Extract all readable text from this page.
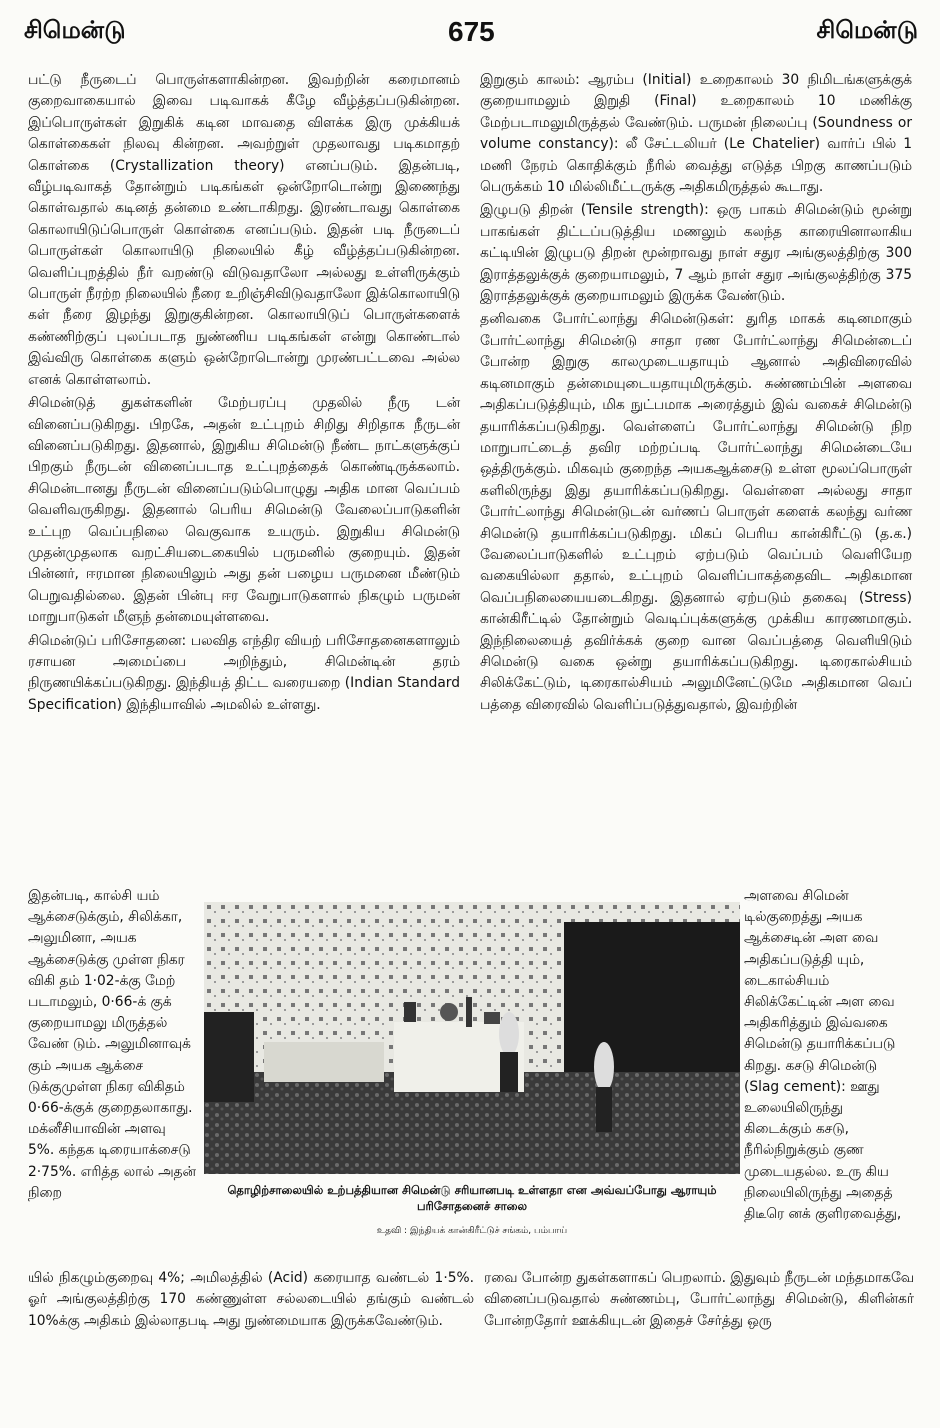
சிமென்டு	675	சிமென்டு

பட்டு நீருடைப் பொருள்களாகின்றன. இவற்றின் கரைமானம் குறைவாகையால் இவை படிவாகக் கீழே வீழ்த்தப்படுகின்றன. இப்பொருள்கள் இறுகிக் கடின மாவதை விளக்க இரு முக்கியக் கொள்கைகள் நிலவு கின்றன. அவற்றுள் முதலாவது படிகமாதற் கொள்கை (Crystallization theory) எனப்படும். இதன்படி, வீழ்படிவாகத் தோன்றும் படிகங்கள் ஒன்றோடொன்று இணைந்து கொள்வதால் கடினத் தன்மை உண்டாகிறது. இரண்டாவது கொள்கை கொலாயிடுப்பொருள் கொள்கை எனப்படும். இதன் படி நீருடைப் பொருள்கள் கொலாயிடு நிலையில் கீழ் வீழ்த்தப்படுகின்றன. வெளிப்புறத்தில் நீர் வறண்டு விடுவதாலோ அல்லது உள்ளிருக்கும் பொருள் நீரற்ற நிலையில் நீரை உறிஞ்சிவிடுவதாலோ இக்கொலாயிடு கள் நீரை இழந்து இறுகுகின்றன. கொலாயிடுப் பொருள்களைக் கண்ணிற்குப் புலப்படாத நுண்ணிய படிகங்கள் என்று கொண்டால் இவ்விரு கொள்கை களும் ஒன்றோடொன்று முரண்பட்டவை அல்ல எனக் கொள்ளலாம்.

சிமென்டுத் துகள்களின் மேற்பரப்பு முதலில் நீரு டன் வினைப்படுகிறது. பிறகே, அதன் உட்புறம் சிறிது சிறிதாக நீருடன் வினைப்படுகிறது. இதனால், இறுகிய சிமென்டு நீண்ட நாட்களுக்குப் பிறகும் நீருடன் வினைப்படாத உட்புறத்தைக் கொண்டிருக்கலாம். சிமென்டானது நீருடன் வினைப்படும்பொழுது அதிக மான வெப்பம் வெளிவருகிறது. இதனால் பெரிய சிமென்டு வேலைப்பாடுகளின் உட்புற வெப்பநிலை வெகுவாக உயரும். இறுகிய சிமென்டு முதன்முதலாக வறட்சியடைகையில் பருமனில் குறையும். இதன் பின்னர், ஈரமான நிலையிலும் அது தன் பழைய பருமனை மீண்டும் பெறுவதில்லை. இதன் பின்பு ஈர வேறுபாடுகளால் நிகழும் பருமன் மாறுபாடுகள் மீளுந் தன்மையுள்ளவை.

சிமென்டுப் பரிசோதனை: பலவித எந்திர வியற் பரிசோதனைகளாலும் ரசாயன அமைப்பை அறிந்தும், சிமென்டின் தரம் நிருணயிக்கப்படுகிறது. இந்தியத் திட்ட வரையறை (Indian Standard Specification) இந்தியாவில் அமலில் உள்ளது.

இறுகும் காலம்: ஆரம்ப (Initial) உறைகாலம் 30 நிமிடங்களுக்குக் குறையாமலும் இறுதி (Final) உறைகாலம் 10 மணிக்கு மேற்படாமலுமிருத்தல் வேண்டும். பருமன் நிலைப்பு (Soundness or volume constancy): லீ சேட்டலியர் (Le Chatelier) வார்ப் பில் 1 மணி நேரம் கொதிக்கும் நீரில் வைத்து எடுத்த பிறகு காணப்படும் பெருக்கம் 10 மில்லிமீட்டருக்கு அதிகமிருத்தல் கூடாது.

இழுபடு திறன் (Tensile strength): ஒரு பாகம் சிமென்டும் மூன்று பாகங்கள் திட்டப்படுத்திய மணலும் கலந்த காரையினாலாகிய கட்டியின் இழுபடு திறன் மூன்றாவது நாள் சதுர அங்குலத்திற்கு 300 இராத்தலுக்குக் குறையாமலும், 7 ஆம் நாள் சதுர அங்குலத்திற்கு 375 இராத்தலுக்குக் குறையாமலும் இருக்க வேண்டும்.

தனிவகை போர்ட்லாந்து சிமென்டுகள்: துரித மாகக் கடினமாகும் போர்ட்லாந்து சிமென்டு சாதா ரண போர்ட்லாந்து சிமென்டைப் போன்ற இறுகு காலமுடையதாயும் ஆனால் அதிவிரைவில் கடினமாகும் தன்மையுடையதாயுமிருக்கும். சுண்ணம்பின் அளவை அதிகப்படுத்தியும், மிக நுட்பமாக அரைத்தும் இவ் வகைச் சிமென்டு தயாரிக்கப்படுகிறது. வெள்ளைப் போர்ட்லாந்து சிமென்டு நிற மாறுபாட்டைத் தவிர மற்றப்படி போர்ட்லாந்து சிமென்டையே ஒத்திருக்கும். மிகவும் குறைந்த அயகஆக்சைடு உள்ள மூலப்பொருள் களிலிருந்து இது தயாரிக்கப்படுகிறது. வெள்ளை அல்லது சாதா போர்ட்லாந்து சிமென்டுடன் வர்ணப் பொருள் களைக் கலந்து வர்ண சிமென்டு தயாரிக்கப்படுகிறது. மிகப் பெரிய கான்கிரீட்டு (த.க.) வேலைப்பாடுகளில் உட்புறம் ஏற்படும் வெப்பம் வெளியேற வகையில்லா ததால், உட்புறம் வெளிப்பாகத்தைவிட அதிகமான வெப்பநிலையையடைகிறது. இதனால் ஏற்படும் தகைவு (Stress) கான்கிரீட்டில் தோன்றும் வெடிப்புக்களுக்கு முக்கிய காரணமாகும். இந்நிலையைத் தவிர்க்கக் குறை வான வெப்பத்தை வெளியிடும் சிமென்டு வகை ஒன்று தயாரிக்கப்படுகிறது. டிரைகால்சியம் சிலிக்கேட்டும், டிரைகால்சியம் அலுமினேட்டுமே அதிகமான வெப் பத்தை விரைவில் வெளிப்படுத்துவதால், இவற்றின்

இதன்படி, கால்சி யம் ஆக்சைடுக்கும், சிலிக்கா, அலுமினா, அயக ஆக்சைடுக்கு முள்ள நிகர விகி தம் 1·02-க்கு மேற் படாமலும், 0·66-க் குக் குறையாமலு மிருத்தல் வேண் டும். அலுமினாவுக் கும் அயக ஆக்சை டுக்குமுள்ள நிகர விகிதம் 0·66-க்குக் குறைதலாகாது. மக்னீசியாவின் அளவு 5%. கந்தக டிரையாக்சைடு 2·75%. எரித்த லால் அதன் நிறை
அளவை சிமென் டில்குறைத்து அயக ஆக்சைடின் அள வை அதிகப்படுத்தி யும், டைகால்சியம் சிலிக்கேட்டின் அள வை அதிகரித்தும் இவ்வகை சிமென்டு தயாரிக்கப்படு கிறது. கசடு சிமென்டு (Slag cement): ஊது உலையிலிருந்து கிடைக்கும் கசடு, நீரில்நிறுக்கும் குண முடையதல்ல. உரு கிய நிலையிலிருந்து அதைத் திடீரெ னக் குளிரவைத்து,
தொழிற்சாலையில் உற்பத்தியான சிமென்டு சரியானபடி உள்ளதா என அவ்வப்போது ஆராயும் பரிசோதனைச் சாலை
உதவி : இந்தியக் கான்கிரீட்டுச் சங்கம், பம்பாய்
யில் நிகழும்குறைவு 4%; அமிலத்தில் (Acid) கரையாத வண்டல் 1·5%. ஓர் அங்குலத்திற்கு 170 கண்ணுள்ள சல்லடையில் தங்கும் வண்டல் 10%க்கு அதிகம் இல்லாதபடி அது நுண்மையாக இருக்கவேண்டும்.
ரவை போன்ற துகள்களாகப் பெறலாம். இதுவும் நீருடன் மந்தமாகவே வினைப்படுவதால் சுண்ணம்பு, போர்ட்லாந்து சிமென்டு, கிளின்கர் போன்றதோர் ஊக்கியுடன் இதைச் சேர்த்து ஒரு
